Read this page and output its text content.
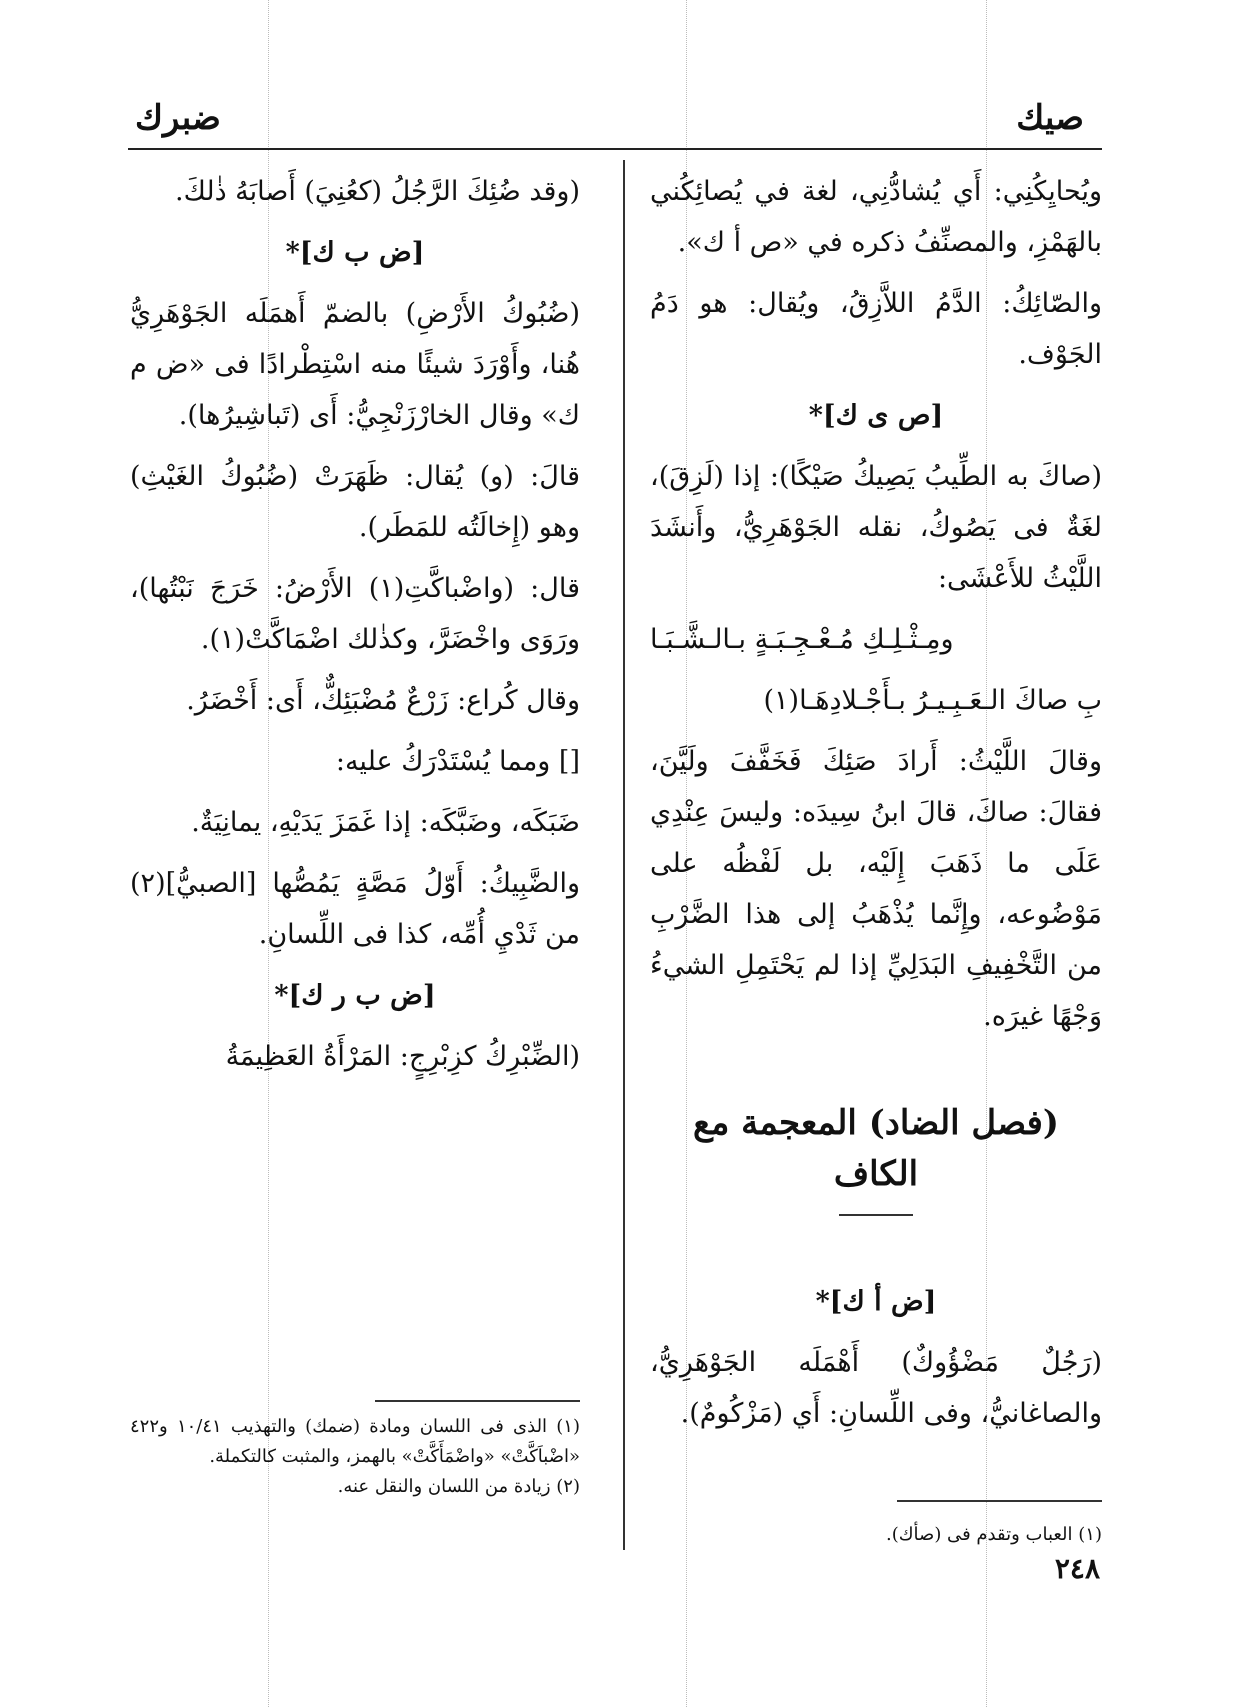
صيك
ضبرك

ويُحايِكُنِي: أَي يُشادُّنِي، لغة في يُصائِكُني بالهَمْزِ، والمصنِّفُ ذكره في «ص أ ك».

والصّائِكُ: الدَّمُ اللاَّزِقُ، ويُقال: هو دَمُ الجَوْف.

[ص ى ك]*

(صاكَ به الطِّيبُ يَصِيكُ صَيْكًا): إذا (لَزِقَ)، لغَةٌ فى يَصُوكُ، نقله الجَوْهَرِيُّ، وأَنشَدَ اللَّيْثُ للأَعْشَى:

ومِـثْـلِـكِ مُـعْـجِـبَـةٍ بـالـشَّـبَـا

بِ صاكَ الـعَـبِـيـرُ بـأَجْـلادِهَـا(١)

وقالَ اللَّيْثُ: أَرادَ صَئِكَ فَخَفَّفَ ولَيَّنَ، فقالَ: صاكَ، قالَ ابنُ سِيدَه: وليسَ عِنْدِي عَلَى ما ذَهَبَ إِلَيْه، بل لَفْظُه على مَوْضُوعه، وإِنَّما يُذْهَبُ إلى هذا الضَّرْبِ من التَّخْفِيفِ البَدَلِيِّ إذا لم يَحْتَمِلِ الشيءُ وَجْهًا غيرَه.

(فصل الضاد) المعجمة مع الكاف
[ض أ ك]*

(رَجُلٌ مَضْؤُوكٌ) أَهْمَلَه الجَوْهَرِيُّ، والصاغانيُّ، وفى اللِّسانِ: أَي (مَزْكُومٌ).

(وقد ضُئِكَ الرَّجُلُ (كعُنِيَ) أَصابَهُ ذٰلكَ.

[ض ب ك]*

(ضُبُوكُ الأَرْضِ) بالضمّ أَهمَلَه الجَوْهَرِيُّ هُنا، وأَوْرَدَ شيئًا منه اسْتِطْرادًا فى «ض م ك» وقال الخارْزَنْجِيُّ: أَى (تَباشِيرُها).

قالَ: (و) يُقال: ظَهَرَتْ (ضُبُوكُ الغَيْثِ) وهو (إِخالَتُه للمَطَر).

قال: (واضْباكَّتِ(١) الأَرْضُ: خَرَجَ نَبْتُها)، ورَوَى واخْضَرَّ، وكذٰلك اضْمَاكَّتْ(١).

وقال كُراع: زَرْعٌ مُضْبَئِكٌّ، أَى: أَخْضَرُ.

[] ومما يُسْتَدْرَكُ عليه:

ضَبَكَه، وضَبَّكَه: إذا غَمَزَ يَدَيْهِ، يمانِيَةٌ.

والضَّبِيكُ: أَوّلُ مَصَّةٍ يَمُصُّها [الصبيُّ](٢) من ثَدْيِ أُمِّه، كذا فى اللِّسانِ.

[ض ب ر ك]*

(الضِّبْرِكُ كزِبْرِجٍ: المَرْأَةُ العَظِيمَةُ

(١) الذى فى اللسان ومادة (ضمك) والتهذيب ١٠/٤١ و٤٢٢ «اضْباَكَّتْ» «واضْمَأَكَّتْ» بالهمز، والمثبت كالتكملة.
(٢) زيادة من اللسان والنقل عنه.
(١) العباب وتقدم فى (صأك).
٢٤٨
